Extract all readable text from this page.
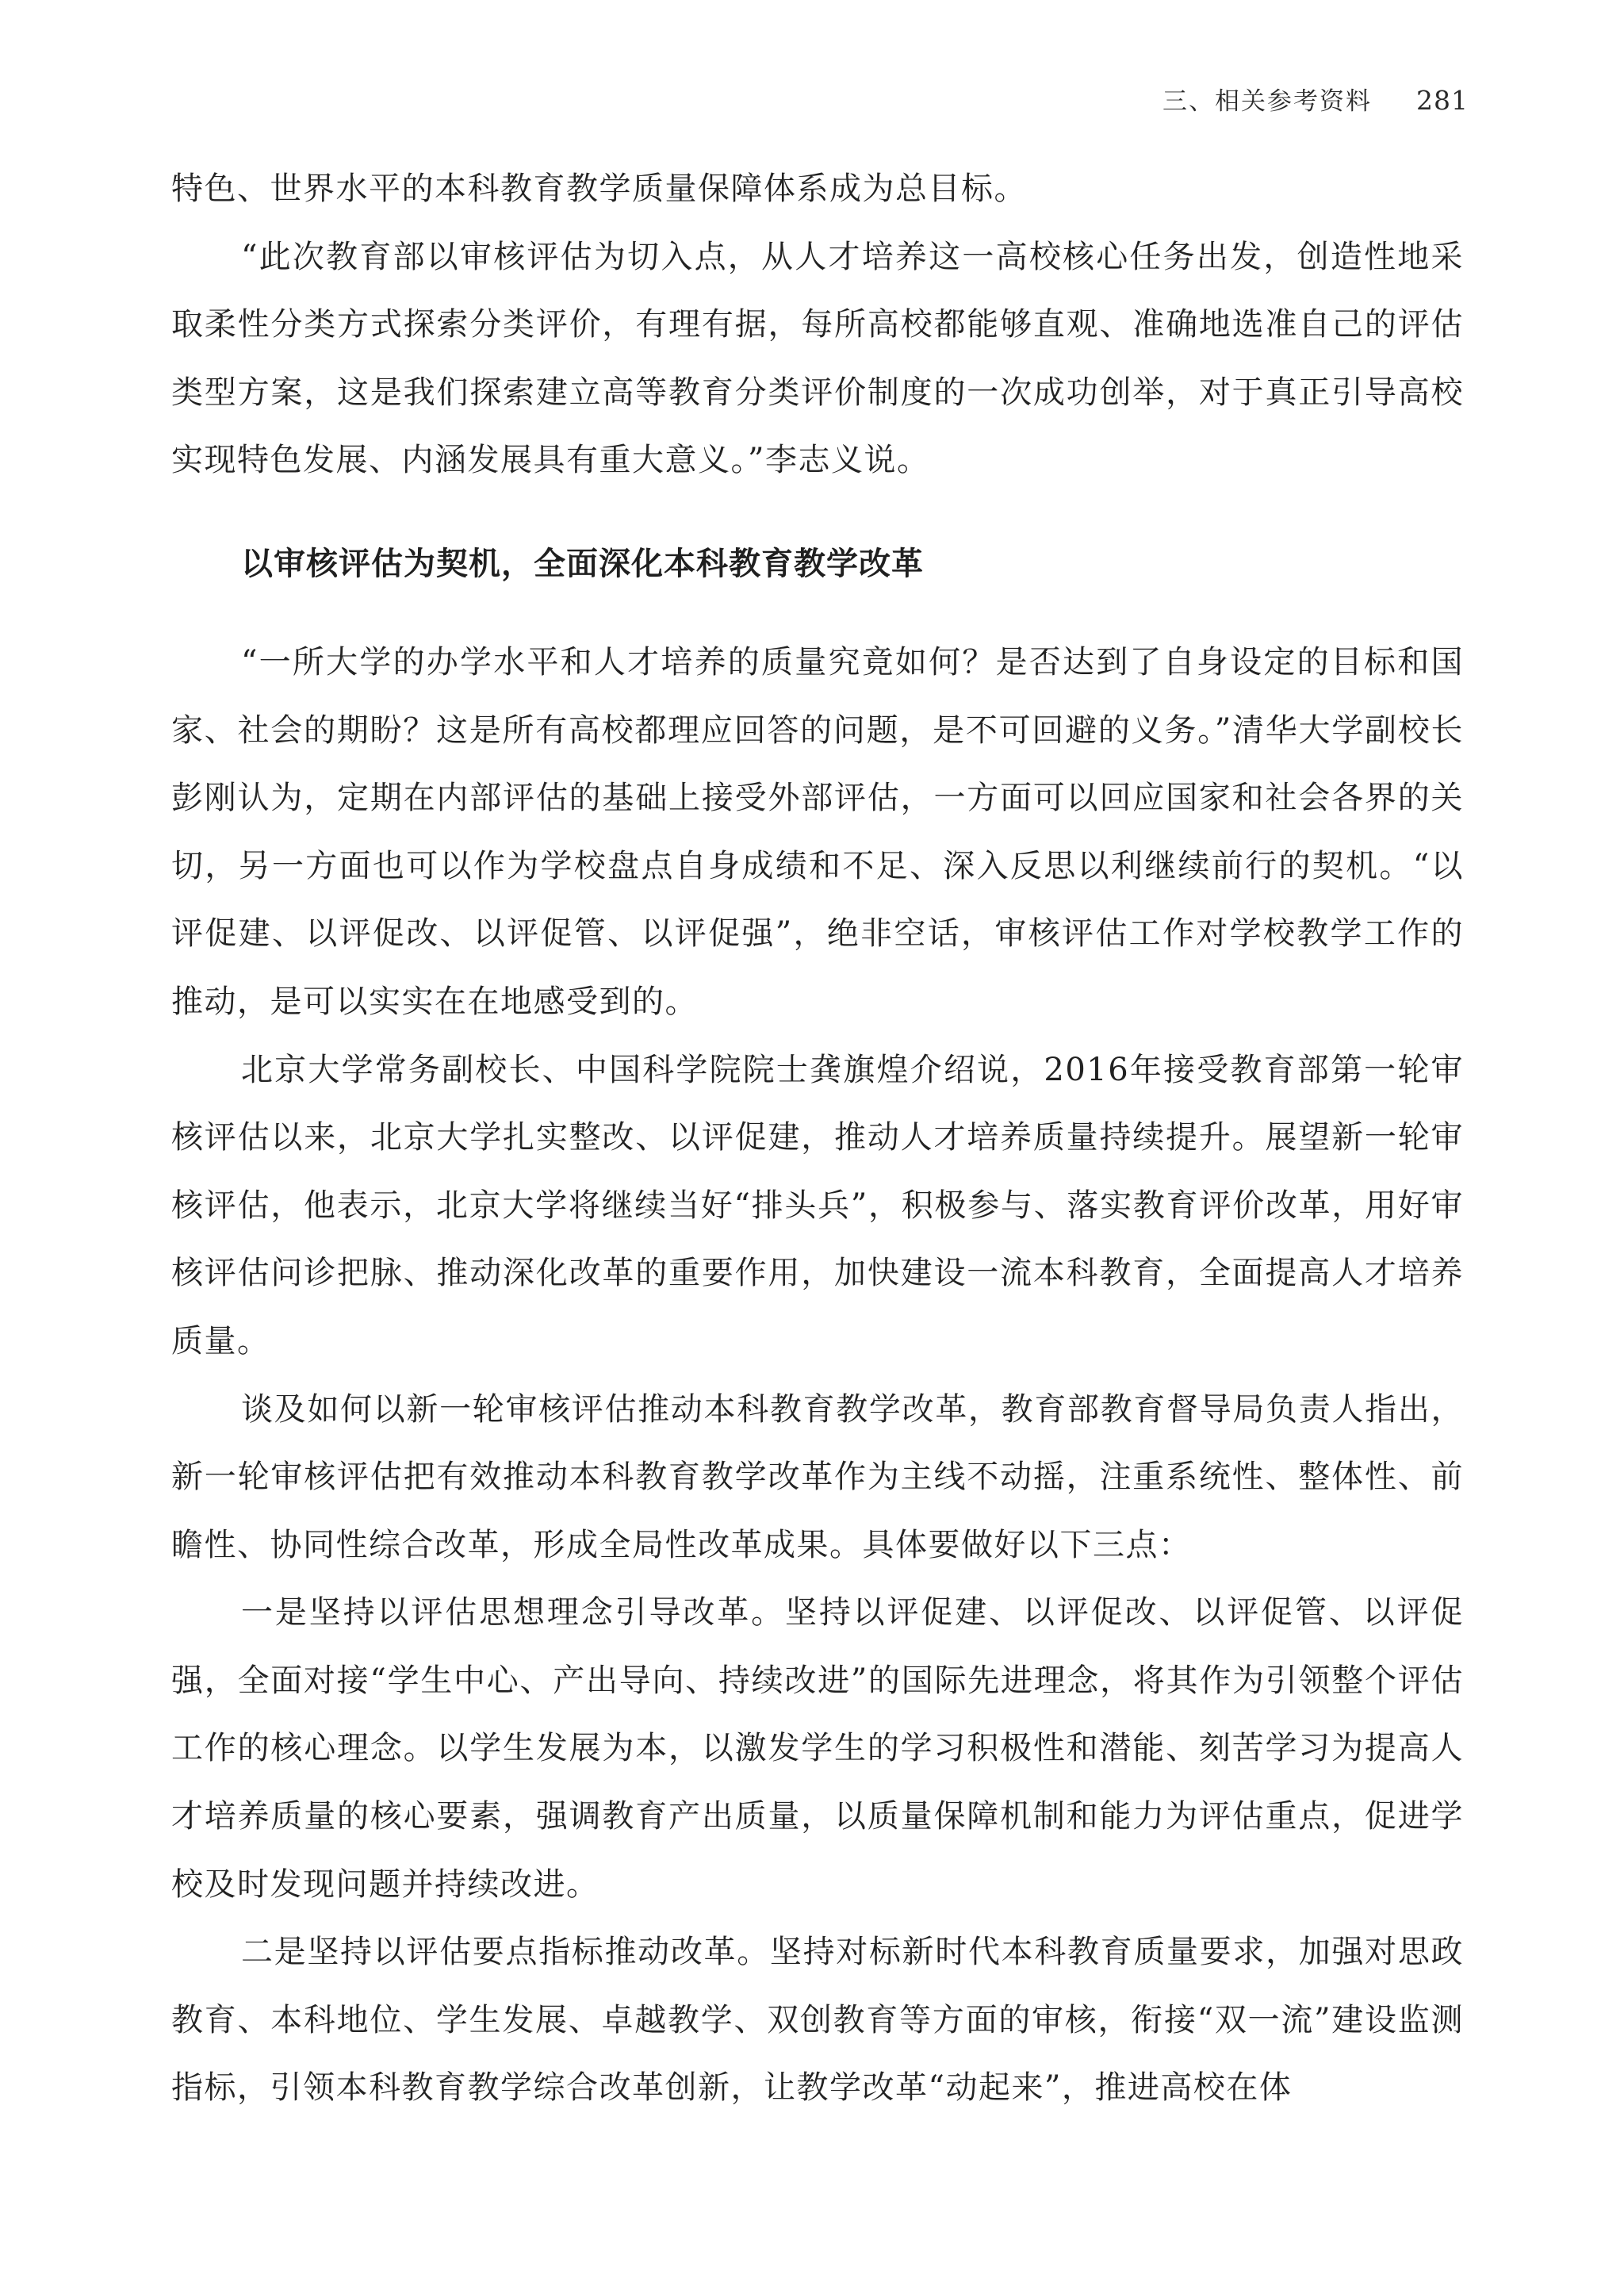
三、相关参考资料 281

特色、世界水平的本科教育教学质量保障体系成为总目标。

“此次教育部以审核评估为切入点，从人才培养这一高校核心任务出发，创造性地采取柔性分类方式探索分类评价，有理有据，每所高校都能够直观、准确地选准自己的评估类型方案，这是我们探索建立高等教育分类评价制度的一次成功创举，对于真正引导高校实现特色发展、内涵发展具有重大意义。”李志义说。

以审核评估为契机，全面深化本科教育教学改革

“一所大学的办学水平和人才培养的质量究竟如何？是否达到了自身设定的目标和国家、社会的期盼？这是所有高校都理应回答的问题，是不可回避的义务。”清华大学副校长彭刚认为，定期在内部评估的基础上接受外部评估，一方面可以回应国家和社会各界的关切，另一方面也可以作为学校盘点自身成绩和不足、深入反思以利继续前行的契机。“以评促建、以评促改、以评促管、以评促强”，绝非空话，审核评估工作对学校教学工作的推动，是可以实实在在地感受到的。

北京大学常务副校长、中国科学院院士龚旗煌介绍说，2016年接受教育部第一轮审核评估以来，北京大学扎实整改、以评促建，推动人才培养质量持续提升。展望新一轮审核评估，他表示，北京大学将继续当好“排头兵”，积极参与、落实教育评价改革，用好审核评估问诊把脉、推动深化改革的重要作用，加快建设一流本科教育，全面提高人才培养质量。

谈及如何以新一轮审核评估推动本科教育教学改革，教育部教育督导局负责人指出，新一轮审核评估把有效推动本科教育教学改革作为主线不动摇，注重系统性、整体性、前瞻性、协同性综合改革，形成全局性改革成果。具体要做好以下三点：

一是坚持以评估思想理念引导改革。坚持以评促建、以评促改、以评促管、以评促强，全面对接“学生中心、产出导向、持续改进”的国际先进理念，将其作为引领整个评估工作的核心理念。以学生发展为本，以激发学生的学习积极性和潜能、刻苦学习为提高人才培养质量的核心要素，强调教育产出质量，以质量保障机制和能力为评估重点，促进学校及时发现问题并持续改进。

二是坚持以评估要点指标推动改革。坚持对标新时代本科教育质量要求，加强对思政教育、本科地位、学生发展、卓越教学、双创教育等方面的审核，衔接“双一流”建设监测指标，引领本科教育教学综合改革创新，让教学改革“动起来”，推进高校在体
